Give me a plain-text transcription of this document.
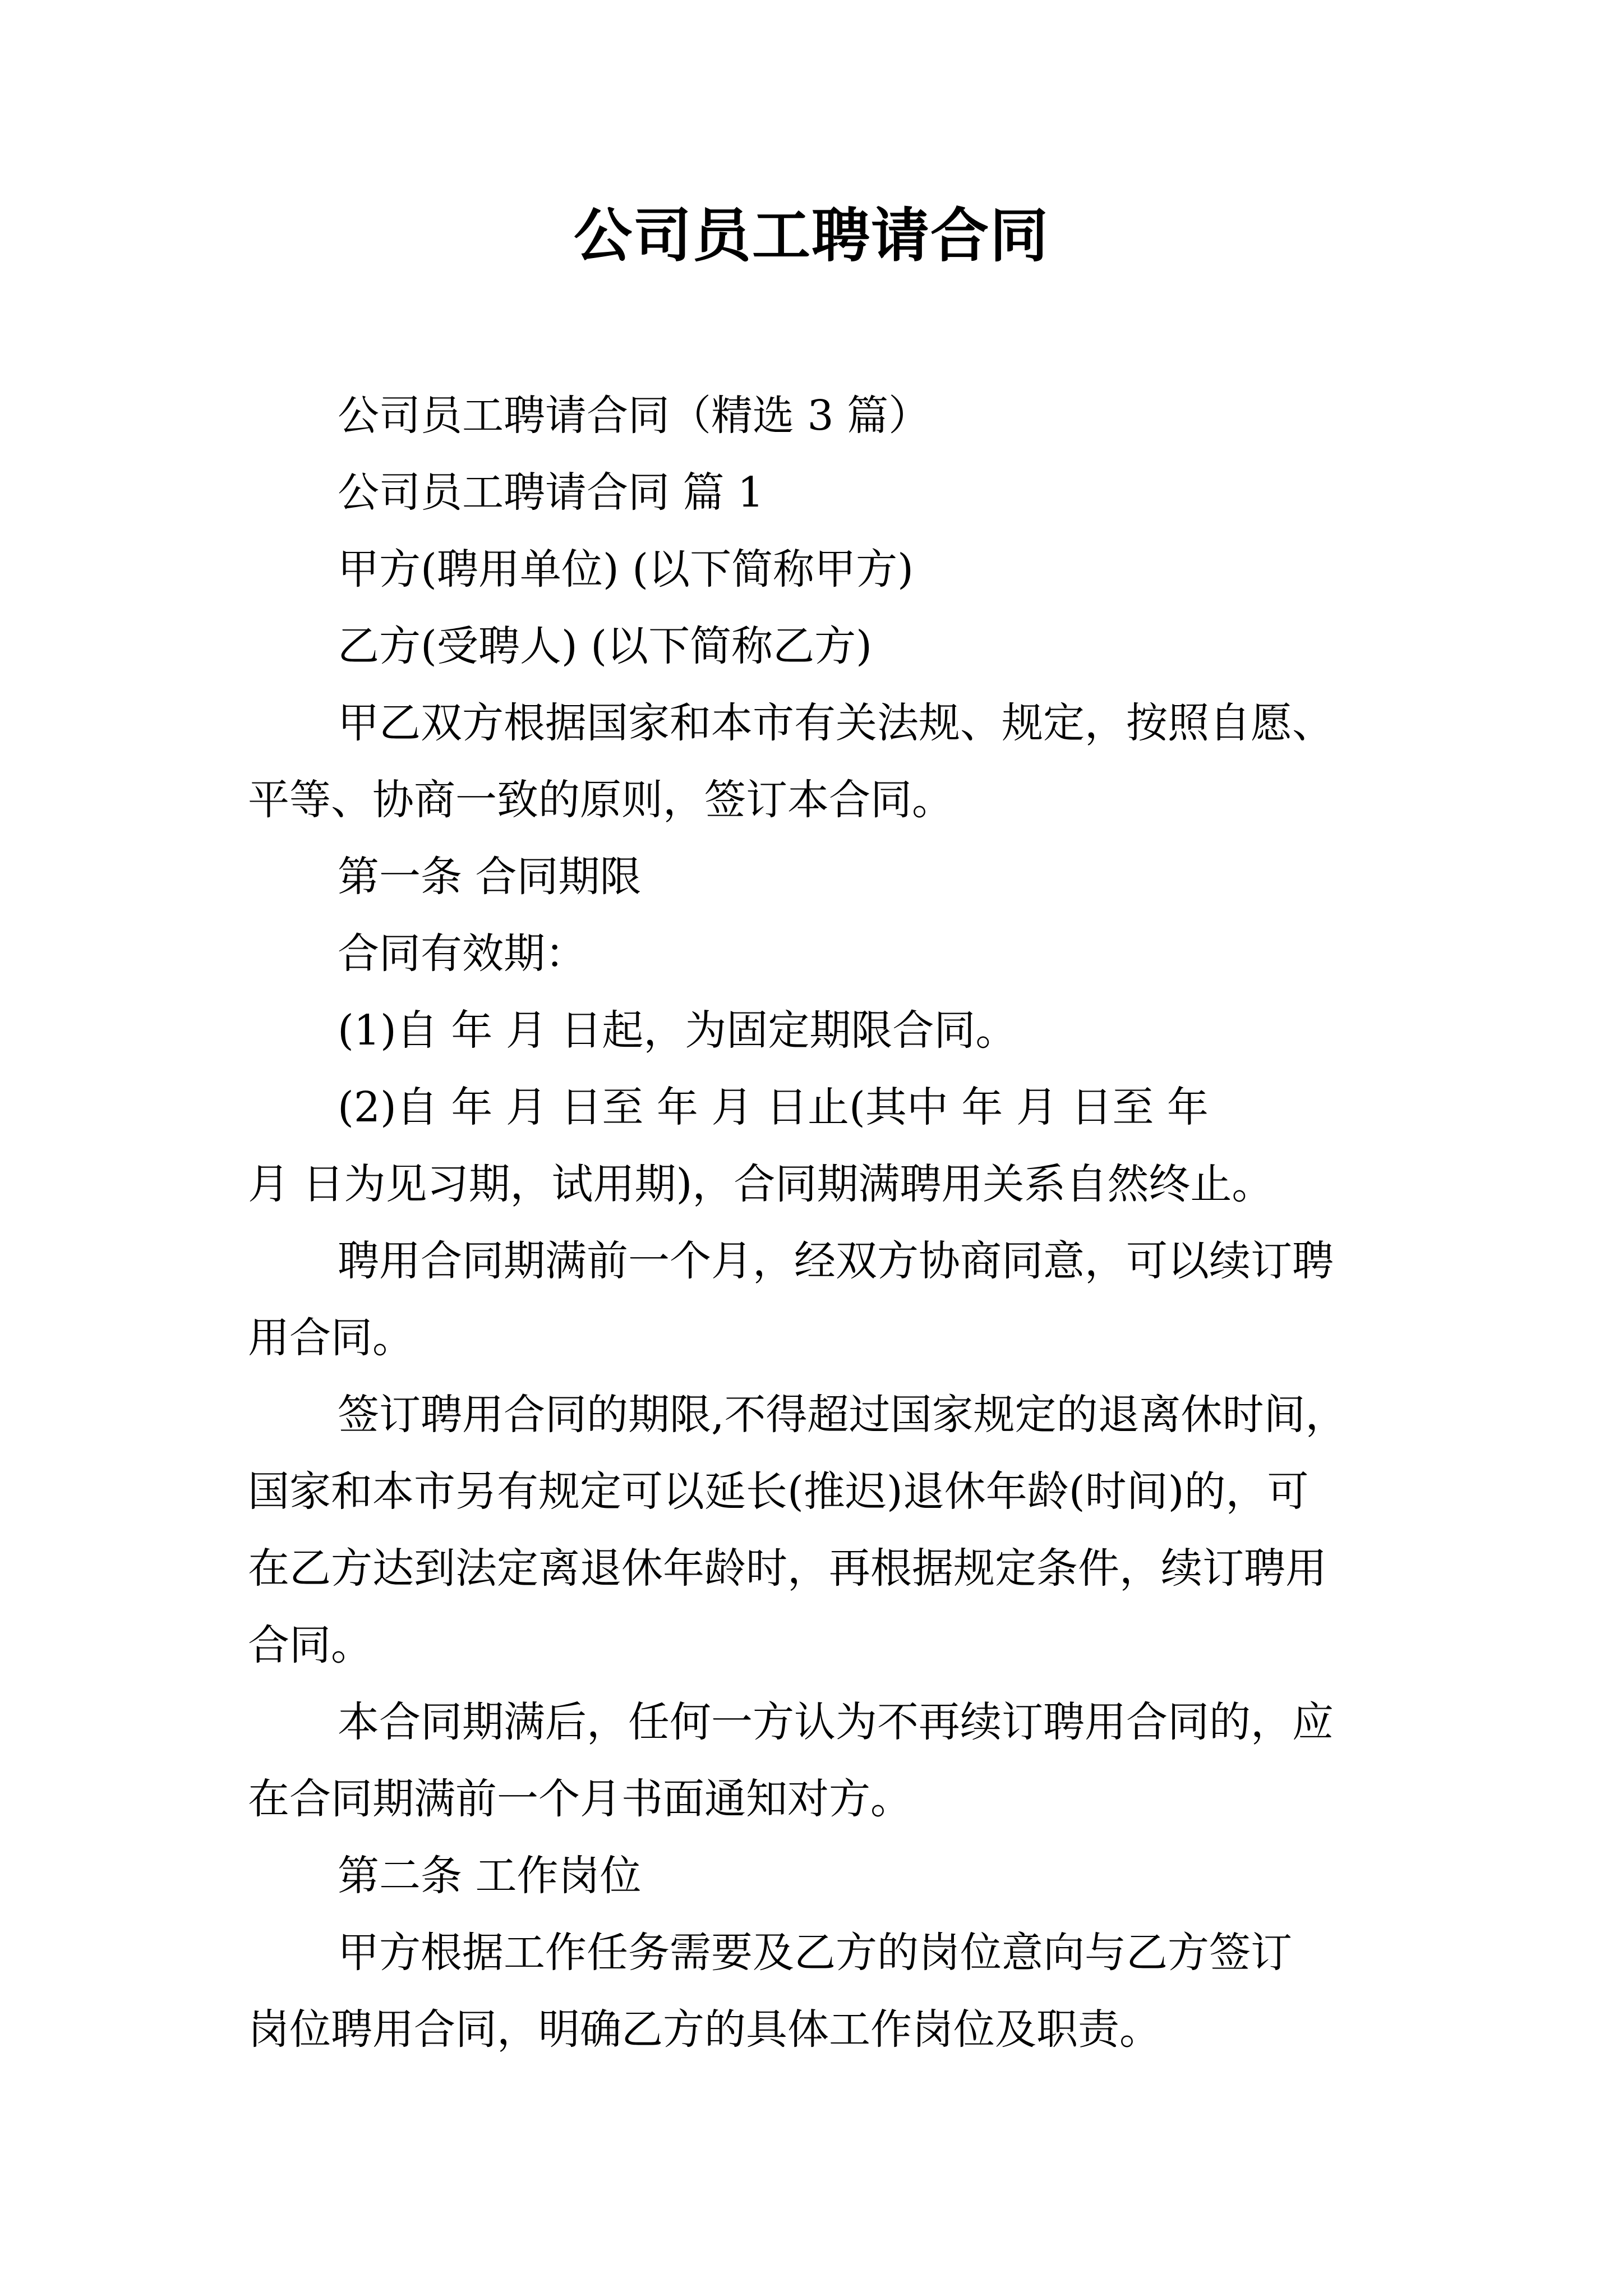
公司员工聘请合同

公司员工聘请合同（精选 3 篇）

公司员工聘请合同 篇 1

甲方(聘用单位) (以下简称甲方)

乙方(受聘人) (以下简称乙方)

甲乙双方根据国家和本市有关法规、规定，按照自愿、

平等、协商一致的原则，签订本合同。

第一条 合同期限

合同有效期：

(1)自 年 月 日起，为固定期限合同。

(2)自 年 月 日至 年 月 日止(其中 年 月 日至 年

月 日为见习期，试用期)，合同期满聘用关系自然终止。

聘用合同期满前一个月，经双方协商同意，可以续订聘

用合同。

签订聘用合同的期限,不得超过国家规定的退离休时间，

国家和本市另有规定可以延长(推迟)退休年龄(时间)的，可

在乙方达到法定离退休年龄时，再根据规定条件，续订聘用

合同。

本合同期满后，任何一方认为不再续订聘用合同的，应

在合同期满前一个月书面通知对方。

第二条 工作岗位

甲方根据工作任务需要及乙方的岗位意向与乙方签订

岗位聘用合同，明确乙方的具体工作岗位及职责。
